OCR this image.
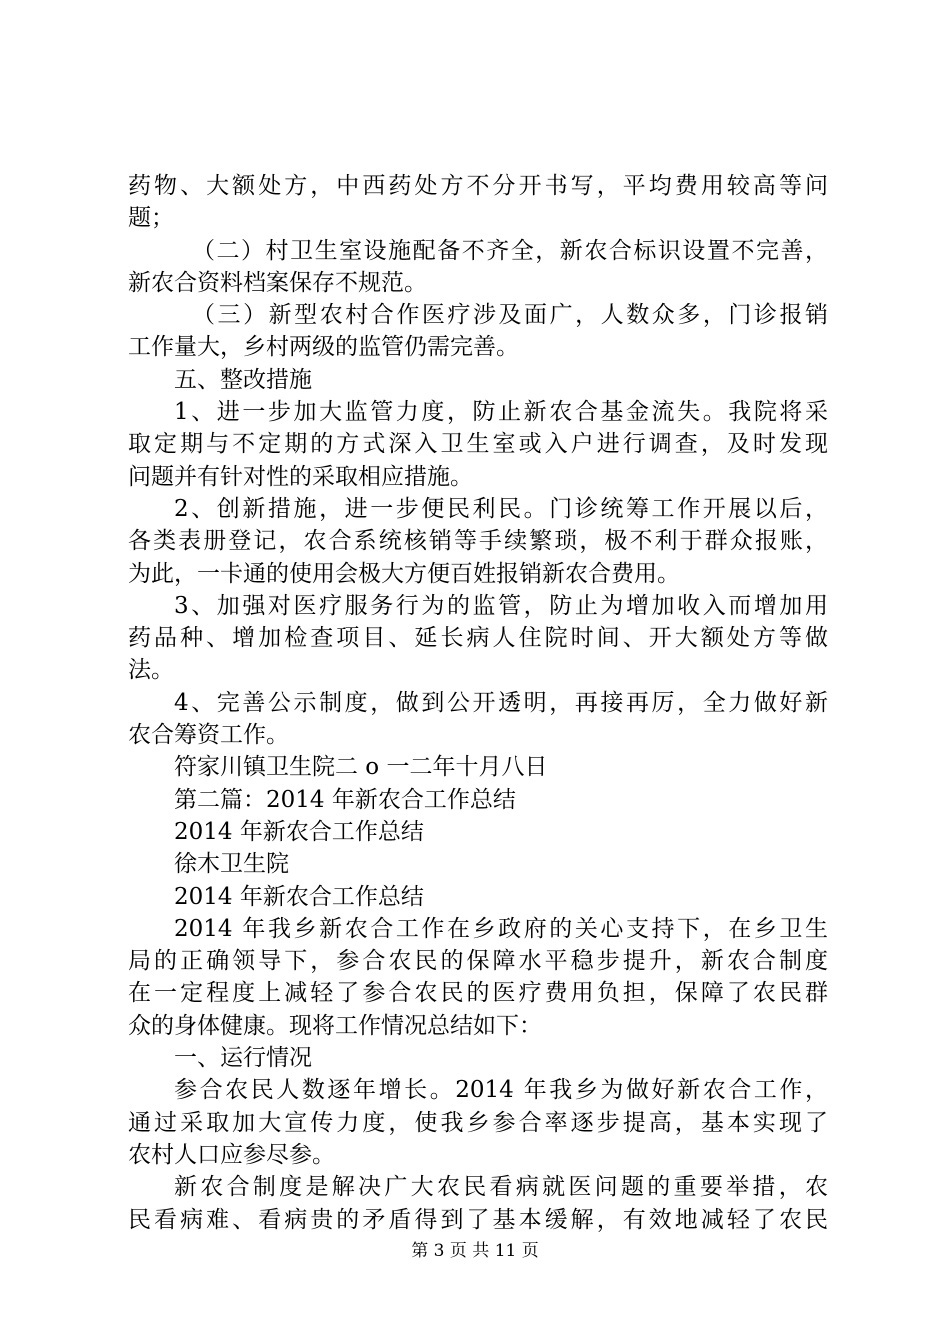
药物、大额处方，中西药处方不分开书写，平均费用较高等问
题；
（二）村卫生室设施配备不齐全，新农合标识设置不完善，
新农合资料档案保存不规范。
（三）新型农村合作医疗涉及面广，人数众多，门诊报销
工作量大，乡村两级的监管仍需完善。
五、整改措施
1、进一步加大监管力度，防止新农合基金流失。我院将采
取定期与不定期的方式深入卫生室或入户进行调查，及时发现
问题并有针对性的采取相应措施。
2、创新措施，进一步便民利民。门诊统筹工作开展以后，
各类表册登记，农合系统核销等手续繁琐，极不利于群众报账，
为此，一卡通的使用会极大方便百姓报销新农合费用。
3、加强对医疗服务行为的监管，防止为增加收入而增加用
药品种、增加检查项目、延长病人住院时间、开大额处方等做
法。
4、完善公示制度，做到公开透明，再接再厉，全力做好新
农合筹资工作。
符家川镇卫生院二 o 一二年十月八日
第二篇：2014 年新农合工作总结
2014 年新农合工作总结
徐木卫生院
2014 年新农合工作总结
2014 年我乡新农合工作在乡政府的关心支持下，在乡卫生
局的正确领导下，参合农民的保障水平稳步提升，新农合制度
在一定程度上减轻了参合农民的医疗费用负担，保障了农民群
众的身体健康。现将工作情况总结如下：
一、运行情况
参合农民人数逐年增长。2014 年我乡为做好新农合工作，
通过采取加大宣传力度，使我乡参合率逐步提高，基本实现了
农村人口应参尽参。
新农合制度是解决广大农民看病就医问题的重要举措，农
民看病难、看病贵的矛盾得到了基本缓解，有效地减轻了农民
第 3 页 共 11 页
